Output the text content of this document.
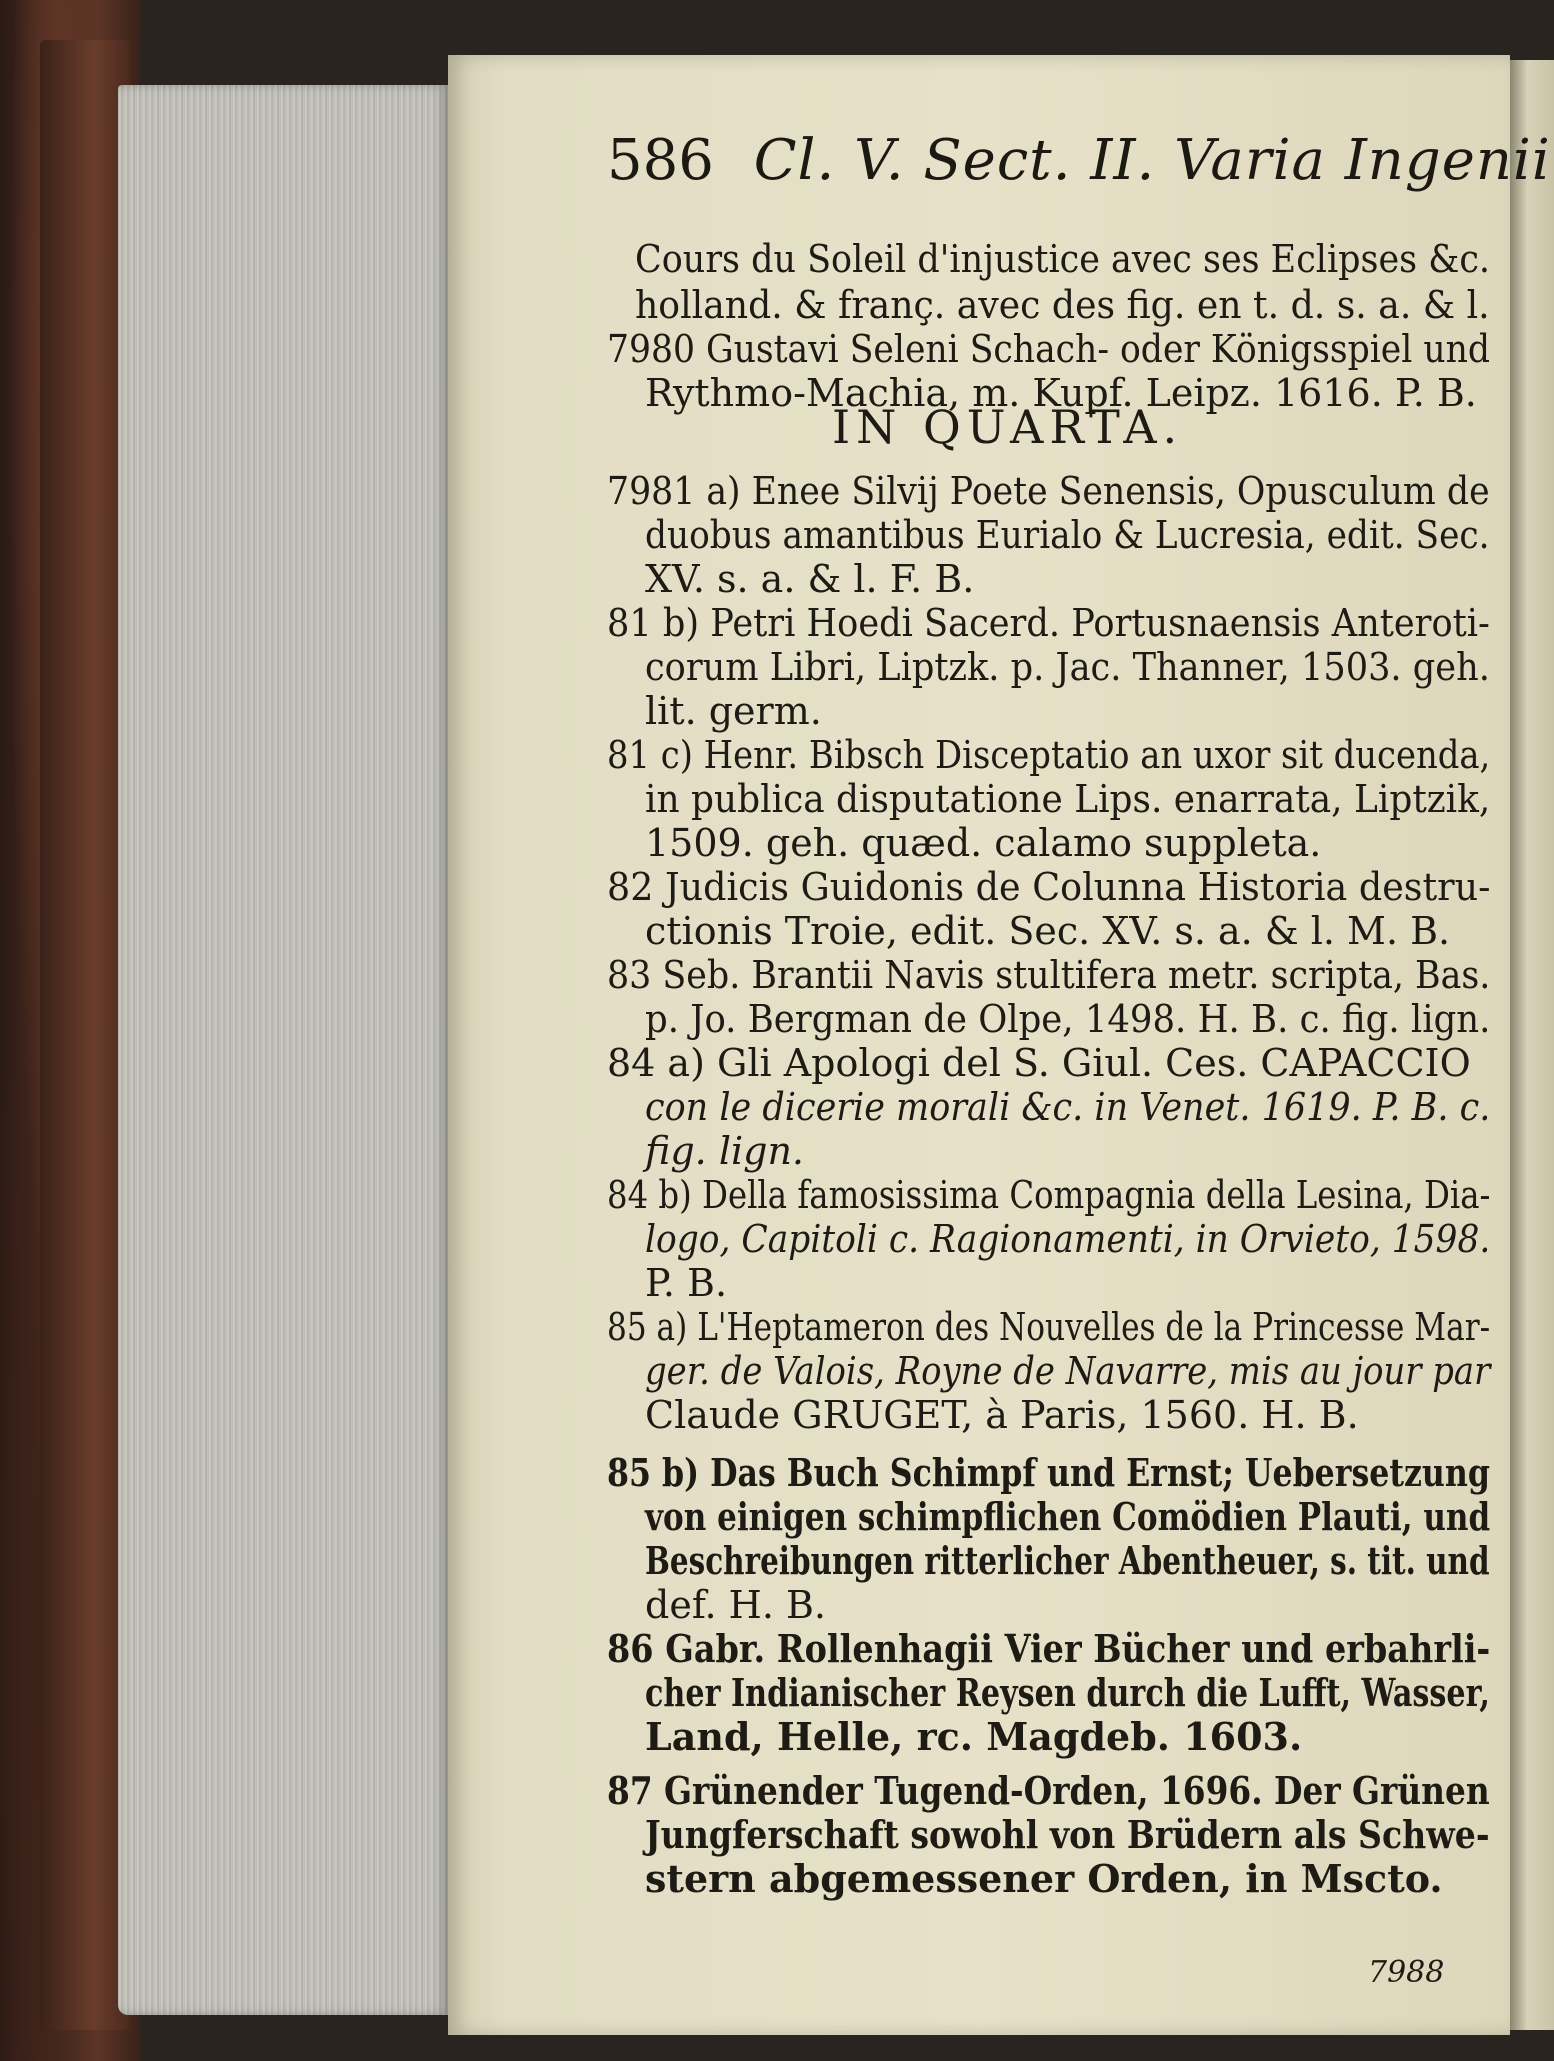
586 Cl. V. Sect. II. Varia Ingenii
IN QUARTA.
Cours du Soleil d'injustice avec ses Eclipses &c.
holland. & franç. avec des fig. en t. d. s. a. & l.
7980 Gustavi Seleni Schach- oder Königsspiel und
Rythmo-Machia, m. Kupf. Leipz. 1616. P. B.
7981 a) Enee Silvij Poete Senensis, Opusculum de
duobus amantibus Eurialo & Lucresia, edit. Sec.
XV. s. a. & l. F. B.
81 b) Petri Hoedi Sacerd. Portusnaensis Anteroti-
corum Libri, Liptzk. p. Jac. Thanner, 1503. geh.
lit. germ.
81 c) Henr. Bibsch Disceptatio an uxor sit ducenda,
in publica disputatione Lips. enarrata, Liptzik,
1509. geh. quæd. calamo suppleta.
82 Judicis Guidonis de Colunna Historia destru-
ctionis Troie, edit. Sec. XV. s. a. & l. M. B.
83 Seb. Brantii Navis stultifera metr. scripta, Bas.
p. Jo. Bergman de Olpe, 1498. H. B. c. fig. lign.
84 a) Gli Apologi del S. Giul. Ces. CAPACCIO
con le dicerie morali &c. in Venet. 1619. P. B. c.
fig. lign.
84 b) Della famosissima Compagnia della Lesina, Dia-
logo, Capitoli c. Ragionamenti, in Orvieto, 1598.
P. B.
85 a) L'Heptameron des Nouvelles de la Princesse Mar-
ger. de Valois, Royne de Navarre, mis au jour par
Claude GRUGET, à Paris, 1560. H. B.
85 b) Das Buch Schimpf und Ernst; Uebersetzung
von einigen schimpflichen Comödien Plauti, und
Beschreibungen ritterlicher Abentheuer, s. tit. und
def. H. B.
86 Gabr. Rollenhagii Vier Bücher und erbahrli-
cher Indianischer Reysen durch die Lufft, Wasser,
Land, Helle, rc. Magdeb. 1603.
87 Grünender Tugend-Orden, 1696. Der Grünen
Jungferschaft sowohl von Brüdern als Schwe-
stern abgemessener Orden, in Mscto.
7988
